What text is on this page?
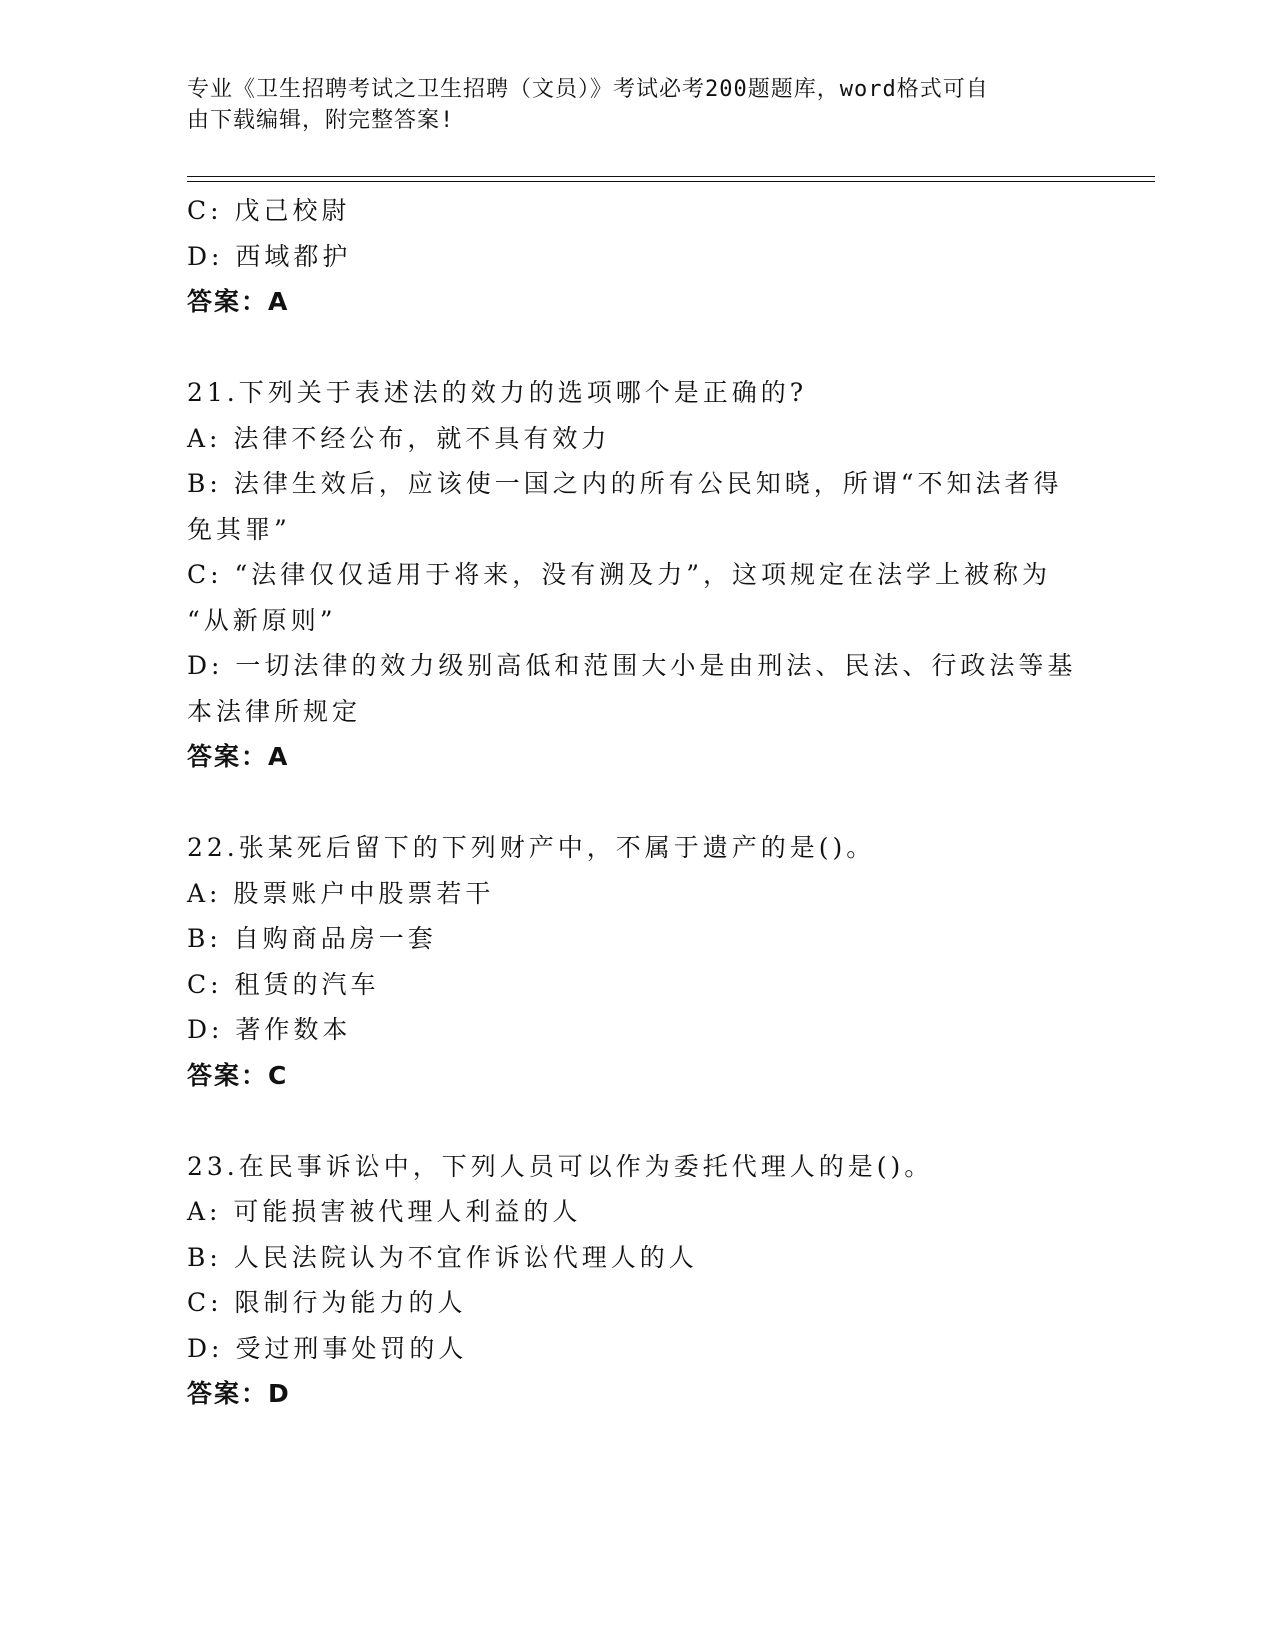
专业《卫生招聘考试之卫生招聘（文员）》考试必考200题题库，word格式可自
由下载编辑，附完整答案!
C: 戊己校尉
D: 西域都护
答案：A
21.下列关于表述法的效力的选项哪个是正确的?
A: 法律不经公布，就不具有效力
B: 法律生效后，应该使一国之内的所有公民知晓，所谓“不知法者得
免其罪”
C: “法律仅仅适用于将来，没有溯及力”，这项规定在法学上被称为
“从新原则”
D: 一切法律的效力级别高低和范围大小是由刑法、民法、行政法等基
本法律所规定
答案：A
22.张某死后留下的下列财产中，不属于遗产的是()。
A: 股票账户中股票若干
B: 自购商品房一套
C: 租赁的汽车
D: 著作数本
答案：C
23.在民事诉讼中，下列人员可以作为委托代理人的是()。
A: 可能损害被代理人利益的人
B: 人民法院认为不宜作诉讼代理人的人
C: 限制行为能力的人
D: 受过刑事处罚的人
答案：D
